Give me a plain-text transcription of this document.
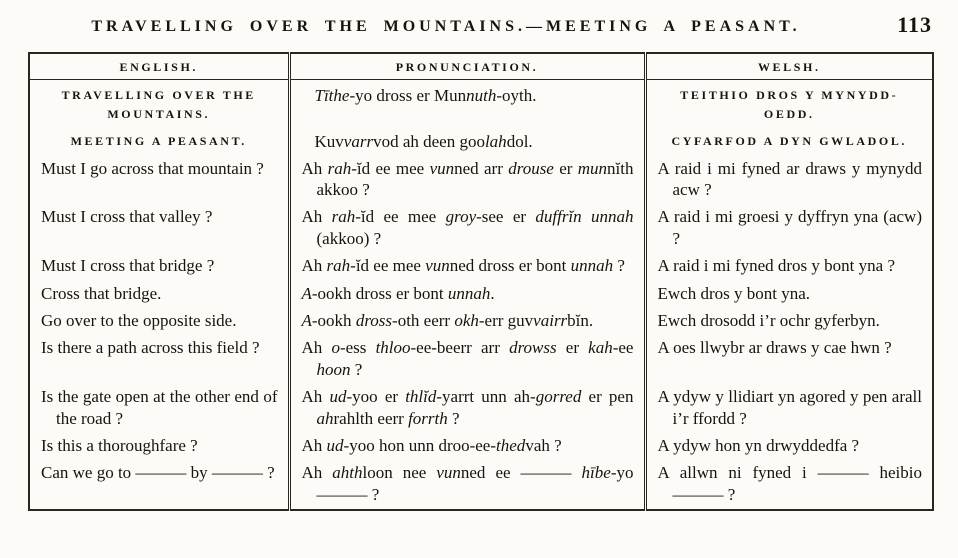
TRAVELLING OVER THE MOUNTAINS.—MEETING A PEASANT.	113
ENGLISH.	PRONUNCIATION.	WELSH.
TRAVELLING OVER THE MOUNTAINS.	Tīthe-yo dross er Munnuth-oyth.	TEITHIO DROS Y MYNYDD-OEDD.
MEETING A PEASANT.	Kuvvarrvod ah deen goolahdol.	CYFARFOD A DYN GWLADOL.
Must I go across that mountain ?	Ah rah-ĭd ee mee vunned arr drouse er munnĭth akkoo ?	A raid i mi fyned ar draws y mynydd acw ?
Must I cross that valley ?	Ah rah-ĭd ee mee groy-see er duffrĭn unnah (akkoo) ?	A raid i mi groesi y dyffryn yna (acw) ?
Must I cross that bridge ?	Ah rah-ĭd ee mee vunned dross er bont unnah ?	A raid i mi fyned dros y bont yna ?
Cross that bridge.	A-ookh dross er bont unnah.	Ewch dros y bont yna.
Go over to the opposite side.	A-ookh dross-oth eerr okh-err guvvairrbĭn.	Ewch drosodd i’r ochr gyferbyn.
Is there a path across this field ?	Ah o-ess thloo-ee-beerr arr drowss er kah-ee hoon ?	A oes llwybr ar draws y cae hwn ?
Is the gate open at the other end of the road ?	Ah ud-yoo er thlĭd-yarrt unn ah-gorred er pen ahrahlth eerr forrth ?	A ydyw y llidiart yn agored y pen arall i’r ffordd ?
Is this a thoroughfare ?	Ah ud-yoo hon unn droo-ee-thedvah ?	A ydyw hon yn drwyddedfa ?
Can we go to ——— by ——— ?	Ah ahthloon nee vunned ee ——— hībe-yo ——— ?	A allwn ni fyned i ——— heibio ——— ?
